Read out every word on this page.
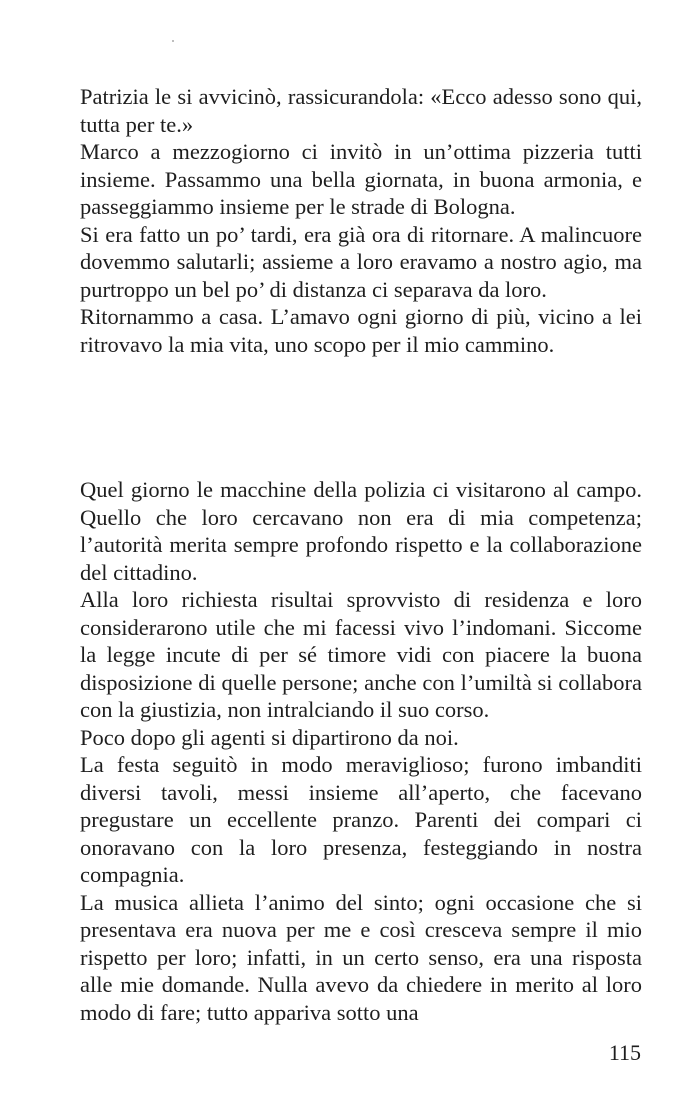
Patrizia le si avvicinò, rassicurandola: «Ecco adesso sono qui, tutta per te.»

Marco a mezzogiorno ci invitò in un’ottima pizzeria tutti insieme. Passammo una bella giornata, in buona armonia, e passeggiammo insieme per le strade di Bologna.

Si era fatto un po’ tardi, era già ora di ritornare. A malincuore dovemmo salutarli; assieme a loro eravamo a nostro agio, ma purtroppo un bel po’ di distanza ci separava da loro.

Ritornammo a casa. L’amavo ogni giorno di più, vicino a lei ritrovavo la mia vita, uno scopo per il mio cammino.

Quel giorno le macchine della polizia ci visitarono al campo. Quello che loro cercavano non era di mia competenza; l’autorità merita sempre profondo rispetto e la collaborazione del cittadino.

Alla loro richiesta risultai sprovvisto di residenza e loro considerarono utile che mi facessi vivo l’indomani. Siccome la legge incute di per sé timore vidi con piacere la buona disposizione di quelle persone; anche con l’umiltà si collabora con la giustizia, non intralciando il suo corso.

Poco dopo gli agenti si dipartirono da noi.

La festa seguitò in modo meraviglioso; furono imbanditi diversi tavoli, messi insieme all’aperto, che facevano pregustare un eccellente pranzo. Parenti dei compari ci onoravano con la loro presenza, festeggiando in nostra compagnia.

La musica allieta l’animo del sinto; ogni occasione che si presentava era nuova per me e così cresceva sempre il mio rispetto per loro; infatti, in un certo senso, era una risposta alle mie domande. Nulla avevo da chiedere in merito al loro modo di fare; tutto appariva sotto una

115
